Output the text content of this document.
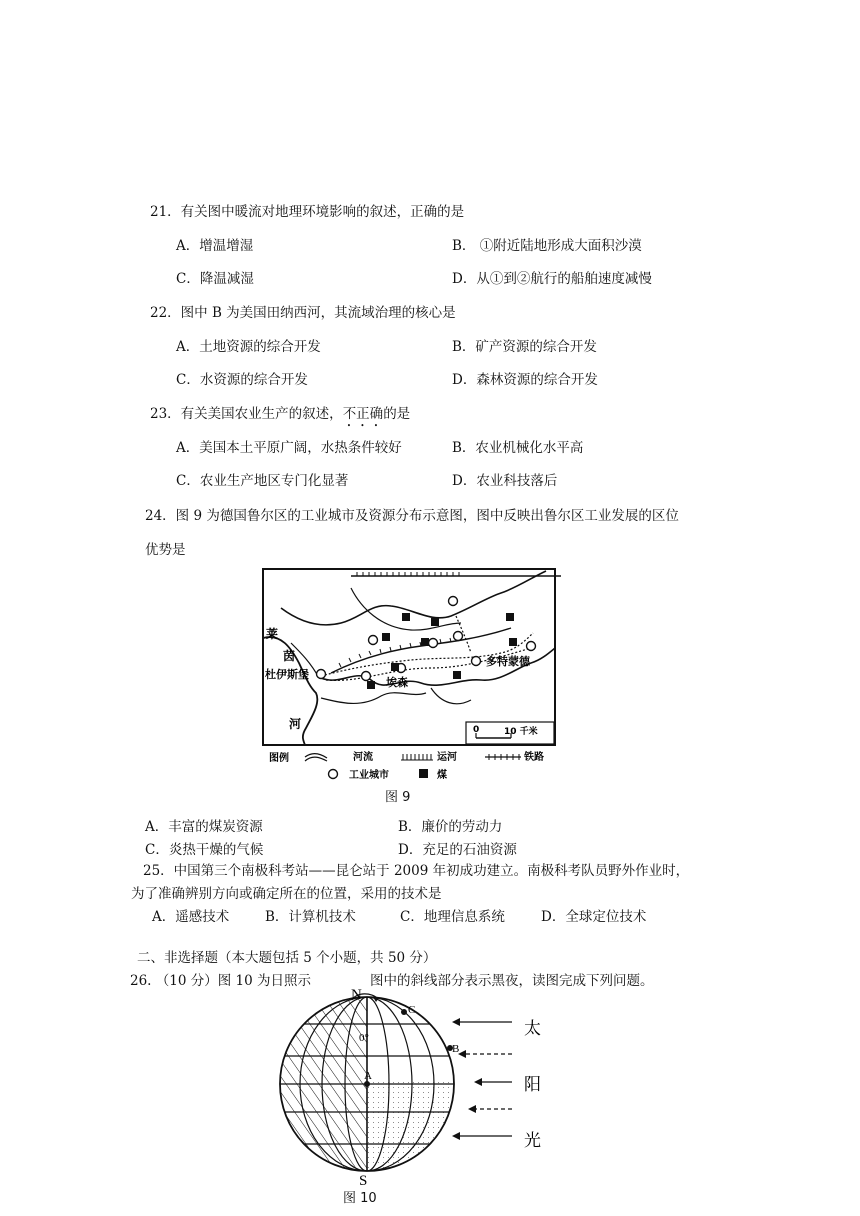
21．有关图中暖流对地理环境影响的叙述，正确的是
A．增温增湿	B． ①附近陆地形成大面积沙漠
C．降温减湿	D．从①到②航行的船舶速度减慢
22．图中 B 为美国田纳西河，其流域治理的核心是
A．土地资源的综合开发	B．矿产资源的综合开发
C．水资源的综合开发	D．森林资源的综合开发
23．有关美国农业生产的叙述，不正确的是
A．美国本土平原广阔，水热条件较好	B．农业机械化水平高
C．农业生产地区专门化显著	D．农业科技落后
24．图 9 为德国鲁尔区的工业城市及资源分布示意图，图中反映出鲁尔区工业发展的区位
优势是
莱
茵
河
杜伊斯堡
埃森
多特蒙德
0	10 千米
图例	河流	运河	铁路
工业城市	煤
图 9
A．丰富的煤炭资源	B．廉价的劳动力
C．炎热干燥的气候	D．充足的石油资源
25．中国第三个南极科考站——昆仑站于 2009 年初成功建立。南极科考队员野外作业时，
为了准确辨别方向或确定所在的位置，采用的技术是
A．遥感技术	B．计算机技术	C．地理信息系统	D．全球定位技术
二、非选择题（本大题包括 5 个小题，共 50 分）
26. （10 分）图 10 为日照示	图中的斜线部分表示黑夜，读图完成下列问题。
N
S
0°
A
B
C
太
阳
光
图 10
